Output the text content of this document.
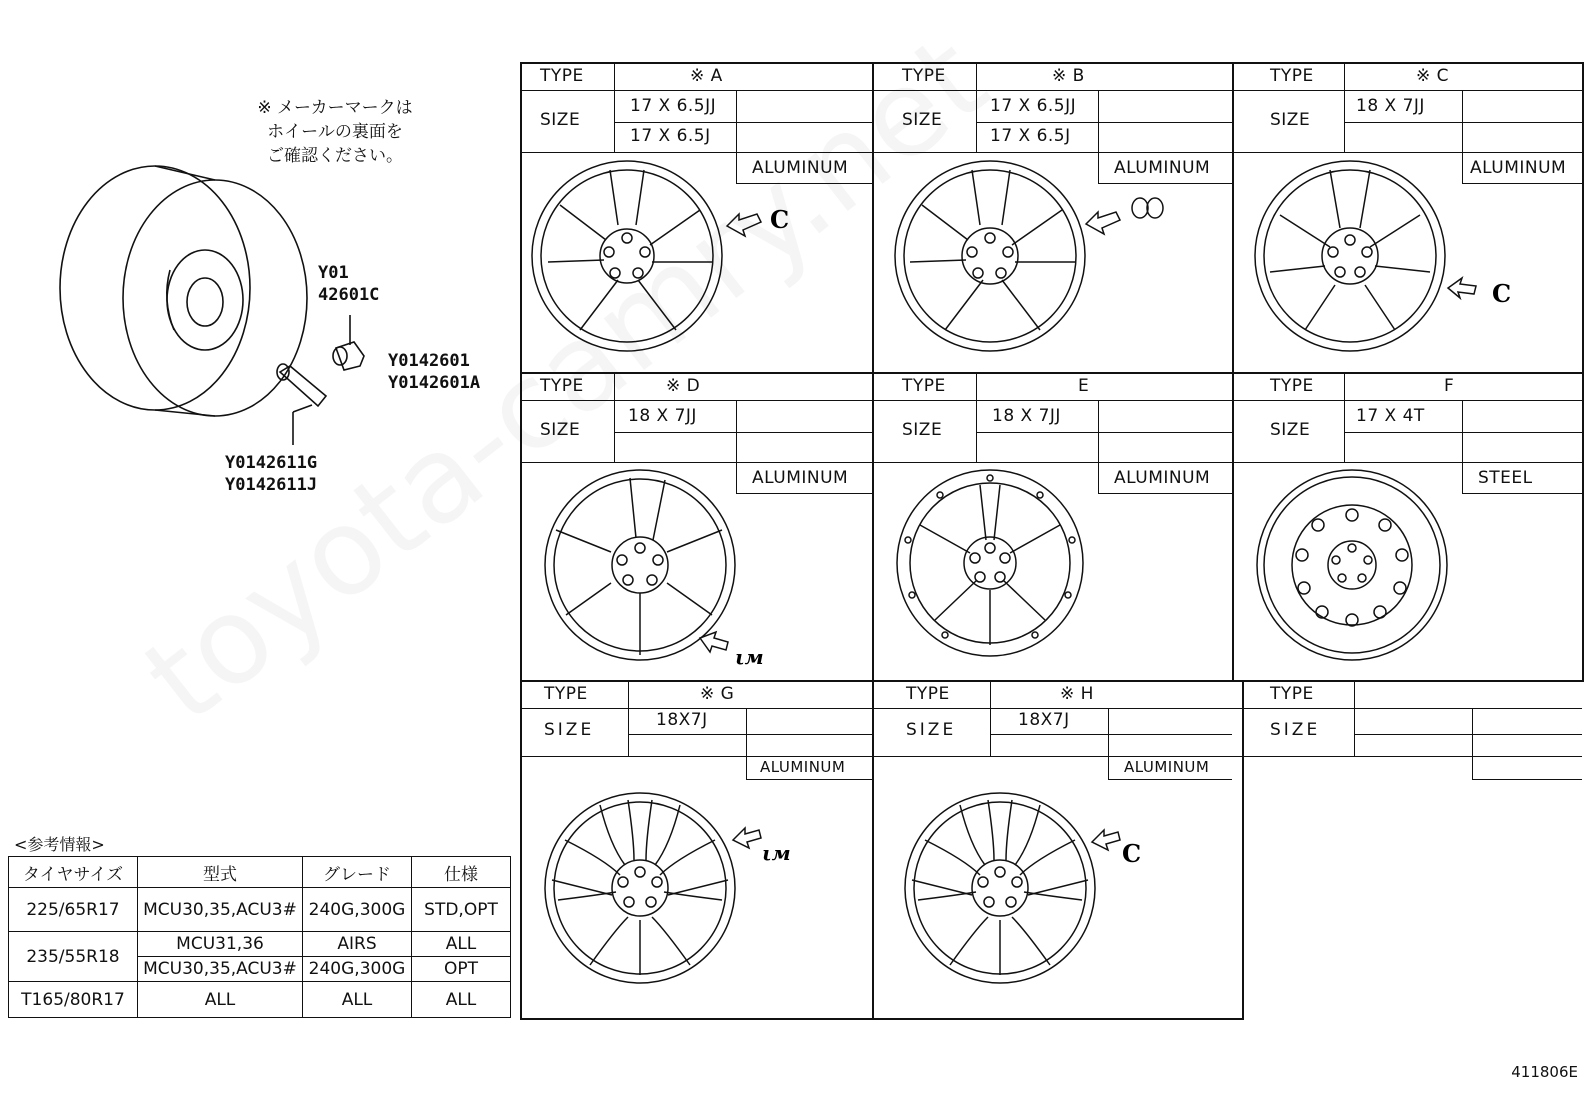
※ メーカーマークは
ホイールの裏面を
ご確認ください。
𝐂
𝐂
ιм
ιм	𝐂
Y01
42601C
Y0142601
Y0142601A
Y0142611G
Y0142611J
TYPE	※ A
SIZE
17 X 6.5JJ
17 X 6.5J
ALUMINUM
TYPE	※ B
SIZE
17 X 6.5JJ
17 X 6.5J
ALUMINUM
TYPE	※ C
SIZE
18 X 7JJ
ALUMINUM
TYPE	※ D
SIZE
18 X 7JJ
ALUMINUM
TYPE	E
SIZE
18 X 7JJ
ALUMINUM
TYPE	F
SIZE
17 X 4T
STEEL
TYPE	※ G
SIZE	18X7J
ALUMINUM
TYPE	※ H
SIZE	18X7J
ALUMINUM
TYPE
SIZE
<参考情報>
タイヤサイズ	型式	グレード	仕様
225/65R17	MCU30,35,ACU3#	240G,300G	STD,OPT
235/55R18	MCU31,36	AIRS	ALL
	MCU30,35,ACU3#	240G,300G	OPT
T165/80R17	ALL	ALL	ALL
411806E
